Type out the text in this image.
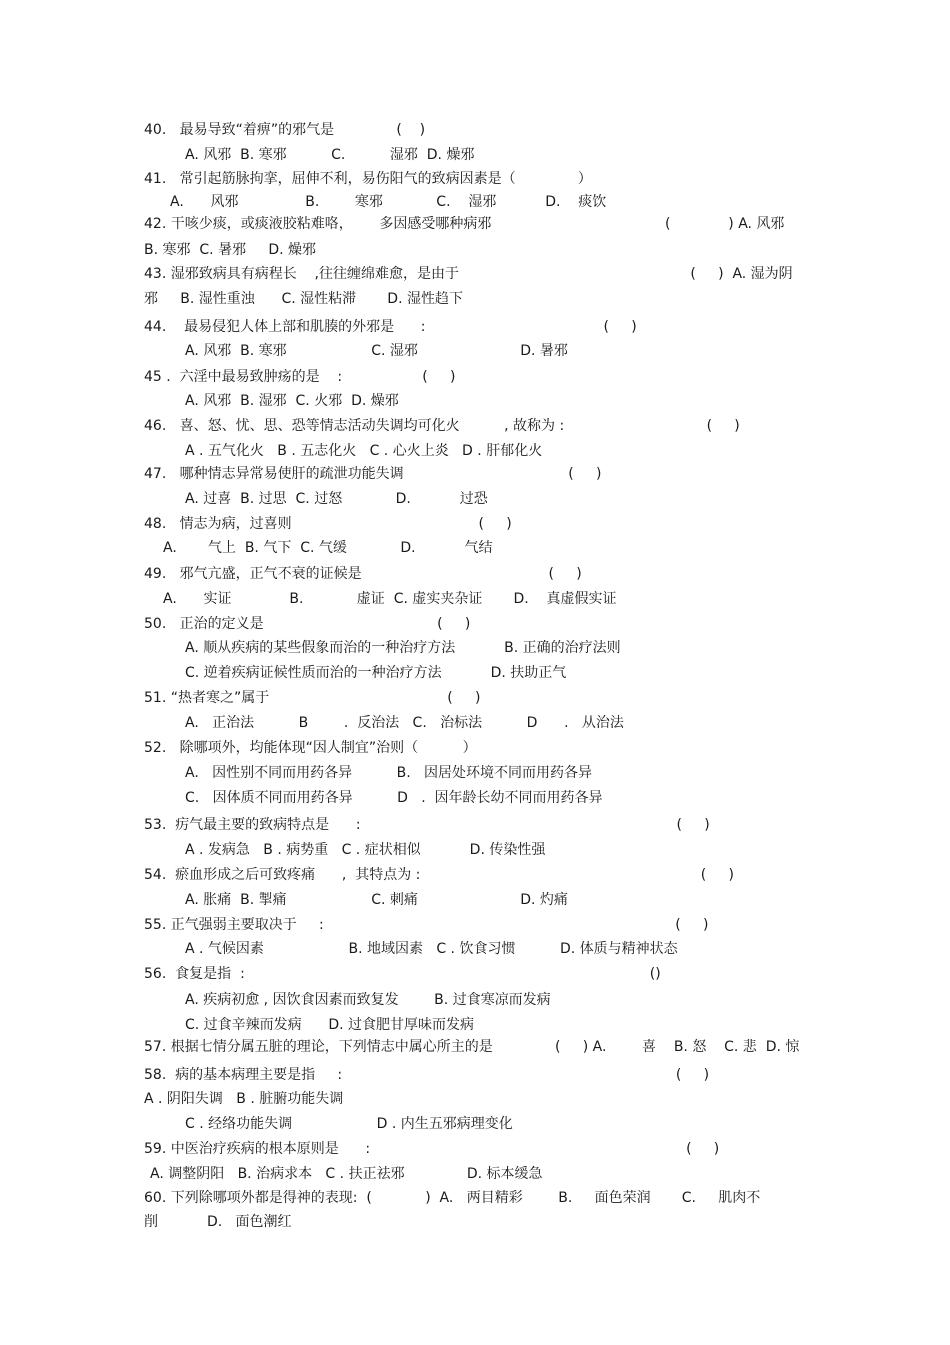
40.   最易导致“着痹”的邪气是              (    )
A. 风邪  B. 寒邪          C.          湿邪  D. 燥邪
41.   常引起筋脉拘挛，屈伸不利，易伤阳气的致病因素是（              ）
A.      风邪               B.        寒邪            C.    湿邪           D.    痰饮
42. 干咳少痰，或痰液胶粘难咯，      多因感受哪种病邪                                       (             ) A. 风邪
B. 寒邪  C. 暑邪     D. 燥邪
43. 湿邪致病具有病程长    ,往往缠绵难愈，是由于                                                    (     )  A. 湿为阴
邪     B. 湿性重浊      C. 湿性粘滞       D. 湿性趋下
44.    最易侵犯人体上部和肌腠的外邪是      :                                        (     )
A. 风邪  B. 寒邪                   C. 湿邪                       D. 暑邪
45 .  六淫中最易致肿疡的是    :                  (     )
A. 风邪  B. 湿邪  C. 火邪  D. 燥邪
46.   喜、怒、忧、思、恐等情志活动失调均可化火          , 故称为 :                                (     )
A . 五气化火   B . 五志化火   C . 心火上炎   D . 肝郁化火
47.   哪种情志异常易使肝的疏泄功能失调                                     (     )
A. 过喜  B. 过思  C. 过怒            D.           过恐
48.   情志为病，过喜则                                          (     )
A.       气上  B. 气下  C. 气缓            D.           气结
49.   邪气亢盛，正气不衰的证候是                                          (     )
A.      实证             B.            虚证  C. 虚实夹杂证       D.    真虚假实证
50.   正治的定义是                                       (     )
A. 顺从疾病的某些假象而治的一种治疗方法           B. 正确的治疗法则
C. 逆着疾病证候性质而治的一种治疗方法           D. 扶助正气
51. “热者寒之”属于                                        (     )
A.   正治法          B        .  反治法   C.   治标法          D      .   从治法
52.   除哪项外，均能体现“因人制宜”治则（          ）
A.   因性别不同而用药各异          B.   因居处环境不同而用药各异
C.   因体质不同而用药各异          D   .  因年龄长幼不同而用药各异
53.  疠气最主要的致病特点是      :                                                                       (     )
A . 发病急   B . 病势重   C . 症状相似           D. 传染性强
54.  瘀血形成之后可致疼痛      ,  其特点为 :                                                               (     )
A. 胀痛  B. 掣痛                   C. 刺痛                       D. 灼痛
55. 正气强弱主要取决于     :                                                                               (     )
A . 气候因素                   B. 地域因素   C . 饮食习惯          D. 体质与精神状态
56.  食复是指  :                                                                                           ()
A. 疾病初愈 , 因饮食因素而致复发        B. 过食寒凉而发病
C. 过食辛辣而发病      D. 过食肥甘厚味而发病
57. 根据七情分属五脏的理论，下列情志中属心所主的是              (     ) A.        喜    B. 怒    C. 悲  D. 惊
58.  病的基本病理主要是指     :                                                                           (     )
A . 阴阳失调   B . 脏腑功能失调
C . 经络功能失调                   D . 内生五邪病理变化
59. 中医治疗疾病的根本原则是      :                                                                       (     )
A. 调整阴阳   B. 治病求本   C . 扶正祛邪              D. 标本缓急
60. 下列除哪项外都是得神的表现:  (            )  A.   两目精彩        B.     面色荣润       C.     肌肉不
削           D.   面色潮红
